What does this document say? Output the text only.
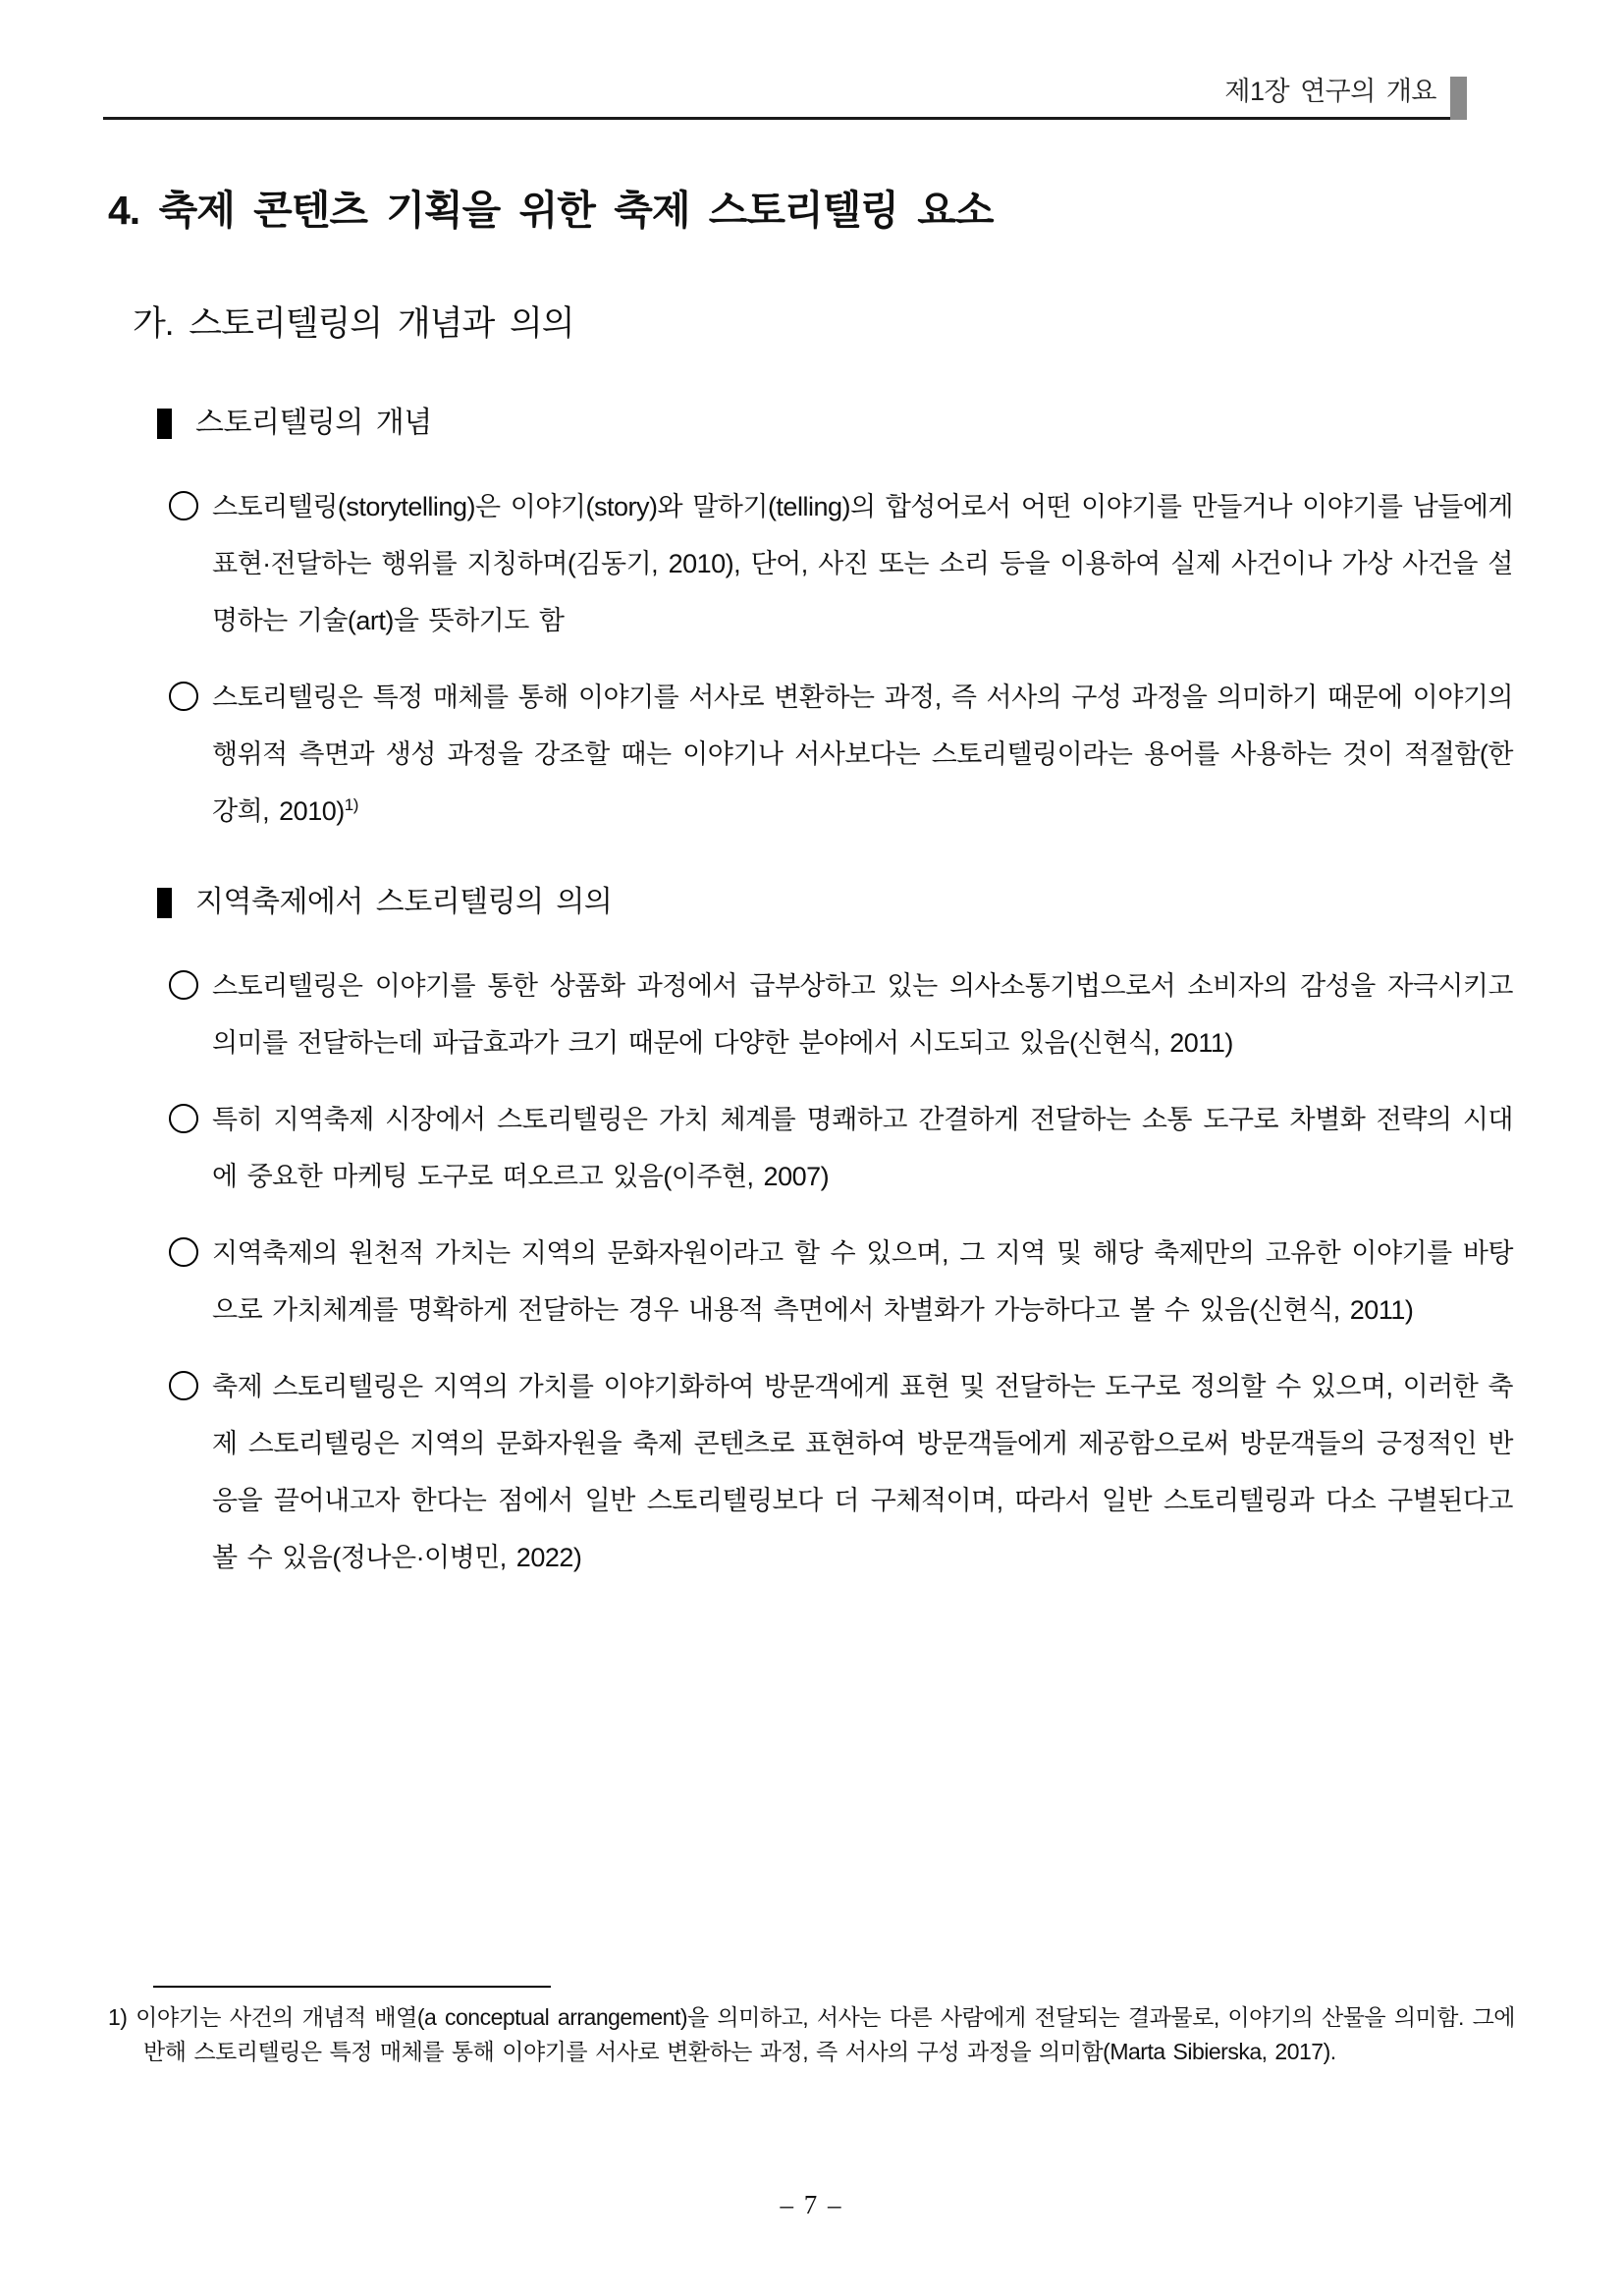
제1장 연구의 개요
4. 축제 콘텐츠 기획을 위한 축제 스토리텔링 요소
가. 스토리텔링의 개념과 의의
스토리텔링의 개념

스토리텔링(storytelling)은 이야기(story)와 말하기(telling)의 합성어로서 어떤 이야기를 만들거나 이야기를 남들에게 표현·전달하는 행위를 지칭하며(김동기, 2010), 단어, 사진 또는 소리 등을 이용하여 실제 사건이나 가상 사건을 설명하는 기술(art)을 뜻하기도 함

스토리텔링은 특정 매체를 통해 이야기를 서사로 변환하는 과정, 즉 서사의 구성 과정을 의미하기 때문에 이야기의 행위적 측면과 생성 과정을 강조할 때는 이야기나 서사보다는 스토리텔링이라는 용어를 사용하는 것이 적절함(한강희, 2010)$^{1)}$

지역축제에서 스토리텔링의 의의

스토리텔링은 이야기를 통한 상품화 과정에서 급부상하고 있는 의사소통기법으로서 소비자의 감성을 자극시키고 의미를 전달하는데 파급효과가 크기 때문에 다양한 분야에서 시도되고 있음(신현식, 2011)

특히 지역축제 시장에서 스토리텔링은 가치 체계를 명쾌하고 간결하게 전달하는 소통 도구로 차별화 전략의 시대에 중요한 마케팅 도구로 떠오르고 있음(이주현, 2007)

지역축제의 원천적 가치는 지역의 문화자원이라고 할 수 있으며, 그 지역 및 해당 축제만의 고유한 이야기를 바탕으로 가치체계를 명확하게 전달하는 경우 내용적 측면에서 차별화가 가능하다고 볼 수 있음(신현식, 2011)

축제 스토리텔링은 지역의 가치를 이야기화하여 방문객에게 표현 및 전달하는 도구로 정의할 수 있으며, 이러한 축제 스토리텔링은 지역의 문화자원을 축제 콘텐츠로 표현하여 방문객들에게 제공함으로써 방문객들의 긍정적인 반응을 끌어내고자 한다는 점에서 일반 스토리텔링보다 더 구체적이며, 따라서 일반 스토리텔링과 다소 구별된다고 볼 수 있음(정나은·이병민, 2022)

1) 이야기는 사건의 개념적 배열(a conceptual arrangement)을 의미하고, 서사는 다른 사람에게 전달되는 결과물로, 이야기의 산물을 의미함. 그에 반해 스토리텔링은 특정 매체를 통해 이야기를 서사로 변환하는 과정, 즉 서사의 구성 과정을 의미함(Marta Sibierska, 2017).
– 7 –
